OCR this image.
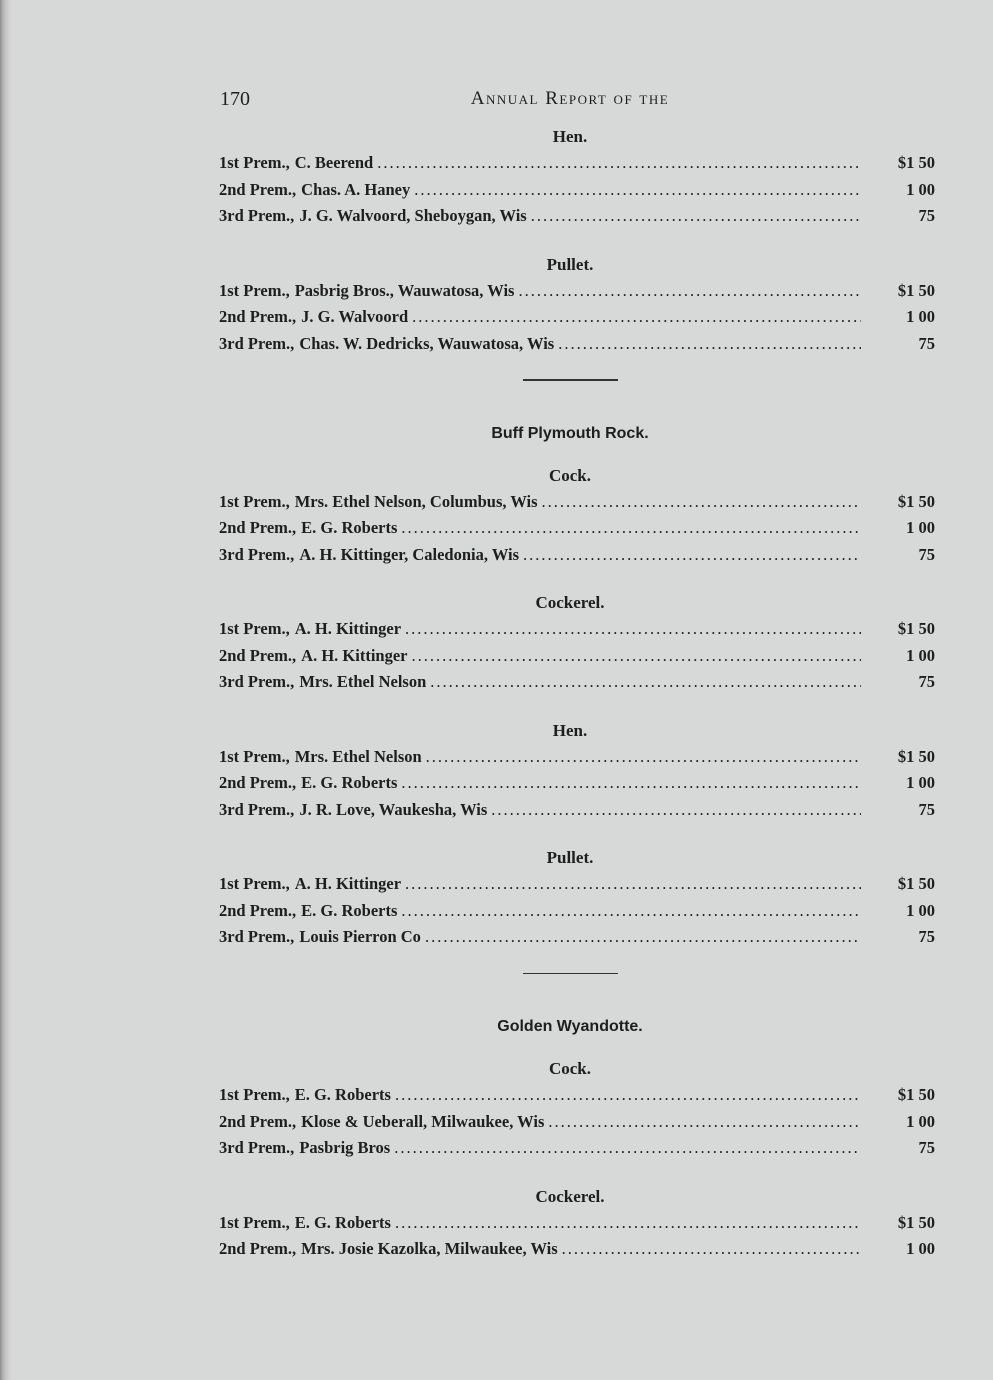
170	Annual Report of the
Hen.
1st Prem., C. Beerend .....	$1 50
2nd Prem., Chas. A. Haney .....	1 00
3rd Prem., J. G. Walvoord, Sheboygan, Wis .....	75
Pullet.
1st Prem., Pasbrig Bros., Wauwatosa, Wis .....	$1 50
2nd Prem., J. G. Walvoord .....	1 00
3rd Prem., Chas. W. Dedricks, Wauwatosa, Wis .....	75
Buff Plymouth Rock.
Cock.
1st Prem., Mrs. Ethel Nelson, Columbus, Wis .....	$1 50
2nd Prem., E. G. Roberts .....	1 00
3rd Prem., A. H. Kittinger, Caledonia, Wis .....	75
Cockerel.
1st Prem., A. H. Kittinger .....	$1 50
2nd Prem., A. H. Kittinger .....	1 00
3rd Prem., Mrs. Ethel Nelson .....	75
Hen.
1st Prem., Mrs. Ethel Nelson .....	$1 50
2nd Prem., E. G. Roberts .....	1 00
3rd Prem., J. R. Love, Waukesha, Wis .....	75
Pullet.
1st Prem., A. H. Kittinger .....	$1 50
2nd Prem., E. G. Roberts .....	1 00
3rd Prem., Louis Pierron Co .....	75
Golden Wyandotte.
Cock.
1st Prem., E. G. Roberts .....	$1 50
2nd Prem., Klose & Ueberall, Milwaukee, Wis .....	1 00
3rd Prem., Pasbrig Bros .....	75
Cockerel.
1st Prem., E. G. Roberts .....	$1 50
2nd Prem., Mrs. Josie Kazolka, Milwaukee, Wis .....	1 00
